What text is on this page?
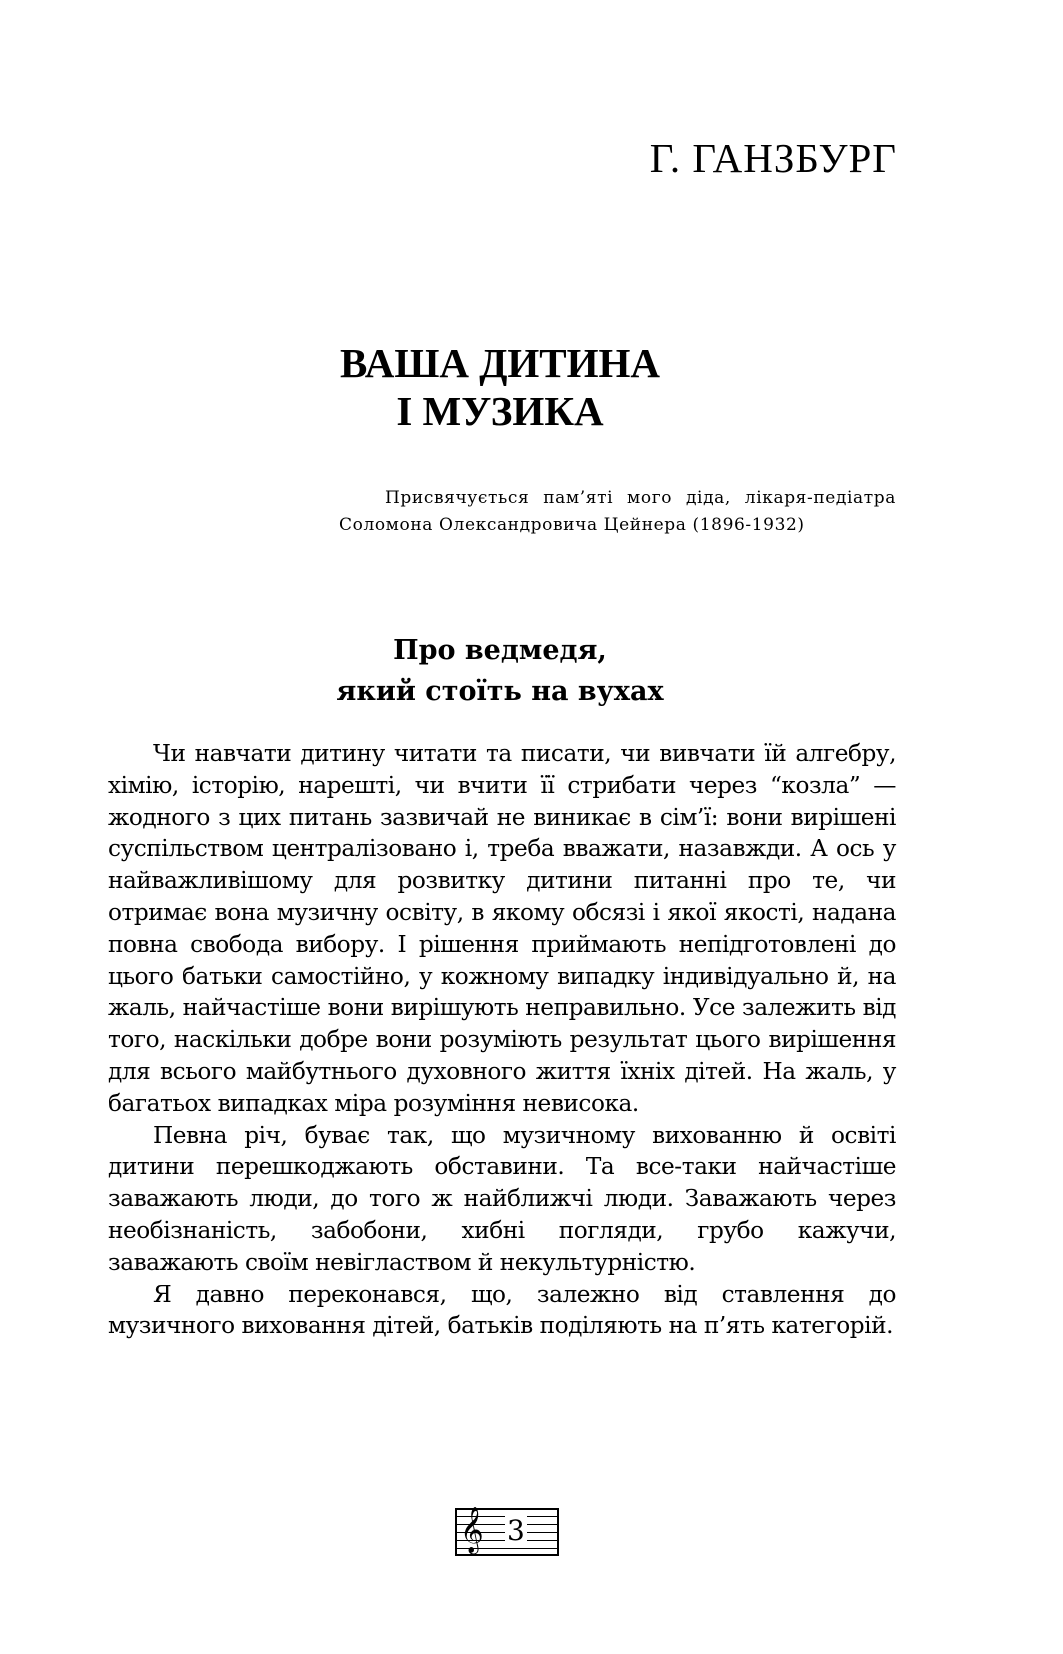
Г. ГАНЗБУРГ
ВАША ДИТИНА
І МУЗИКА

Присвячується пам’яті мого діда, лікаря-педіатра Соломона Олександровича Цейнера (1896-1932)

Про ведмедя,
який стоїть на вухах

Чи навчати дитину читати та писати, чи вивчати їй алгебру, хімію, історію, нарешті, чи вчити її стрибати через “козла” — жодного з цих питань зазвичай не виникає в сім’ї: вони вирішені суспільством централізовано і, треба вважати, назавжди. А ось у найважливішому для розвитку дитини питанні про те, чи отримає вона музичну освіту, в якому обсязі і якої якості, надана повна свобода вибору. І рішення приймають непідготовлені до цього батьки самостійно, у кожному випадку індивідуально й, на жаль, найчастіше вони вирішують неправильно. Усе залежить від того, наскільки добре вони розуміють результат цього вирішення для всього майбутнього духовного життя їхніх дітей. На жаль, у багатьох випадках міра розуміння невисока.

Певна річ, буває так, що музичному вихованню й освіті дитини перешкоджають обставини. Та все-таки найчастіше заважають люди, до того ж найближчі люди. Заважають через необізнаність, забобони, хибні погляди, грубо кажучи, заважають своїм невіглаством й некультурністю.

Я давно переконався, що, залежно від ставлення до музичного виховання дітей, батьків поділяють на п’ять категорій.

𝄞 3
